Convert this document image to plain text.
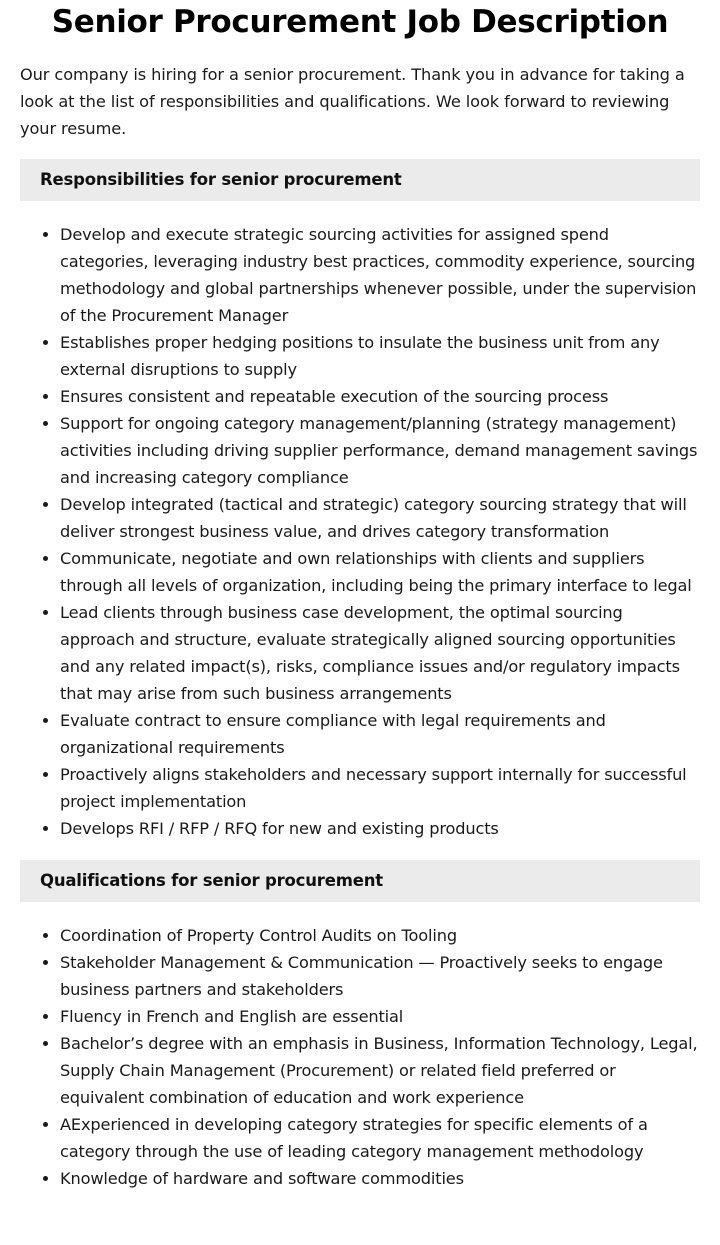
Senior Procurement Job Description

Our company is hiring for a senior procurement. Thank you in advance for taking a look at the list of responsibilities and qualifications. We look forward to reviewing your resume.

Responsibilities for senior procurement
Develop and execute strategic sourcing activities for assigned spend categories, leveraging industry best practices, commodity experience, sourcing methodology and global partnerships whenever possible, under the supervision of the Procurement Manager
Establishes proper hedging positions to insulate the business unit from any external disruptions to supply
Ensures consistent and repeatable execution of the sourcing process
Support for ongoing category management/planning (strategy management) activities including driving supplier performance, demand management savings and increasing category compliance
Develop integrated (tactical and strategic) category sourcing strategy that will deliver strongest business value, and drives category transformation
Communicate, negotiate and own relationships with clients and suppliers through all levels of organization, including being the primary interface to legal
Lead clients through business case development, the optimal sourcing approach and structure, evaluate strategically aligned sourcing opportunities and any related impact(s), risks, compliance issues and/or regulatory impacts that may arise from such business arrangements
Evaluate contract to ensure compliance with legal requirements and organizational requirements
Proactively aligns stakeholders and necessary support internally for successful project implementation
Develops RFI / RFP / RFQ for new and existing products
Qualifications for senior procurement
Coordination of Property Control Audits on Tooling
Stakeholder Management & Communication — Proactively seeks to engage business partners and stakeholders
Fluency in French and English are essential
Bachelor’s degree with an emphasis in Business, Information Technology, Legal, Supply Chain Management (Procurement) or related field preferred or equivalent combination of education and work experience
AExperienced in developing category strategies for specific elements of a category through the use of leading category management methodology
Knowledge of hardware and software commodities
